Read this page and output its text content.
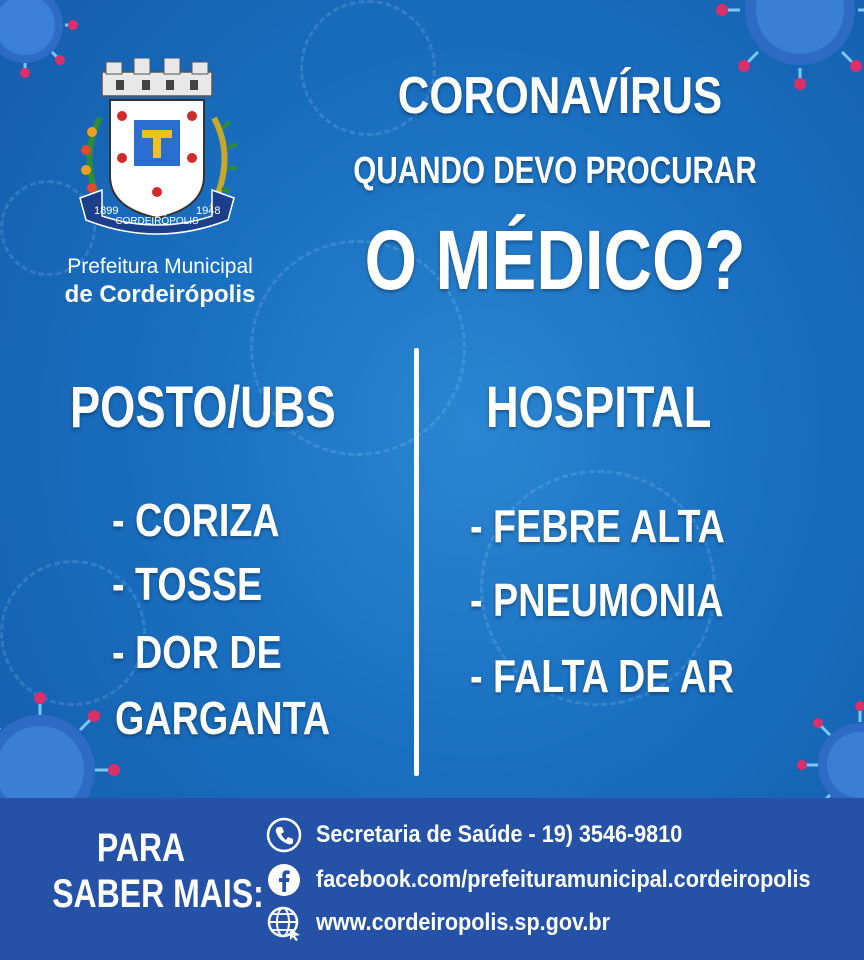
1899	1948
CORDEIRÓPOLIS
Prefeitura Municipal
de Cordeirópolis
CORONAVÍRUS
QUANDO DEVO PROCURAR
O MÉDICO?
POSTO/UBS
- CORIZA
- TOSSE
- DOR DE
GARGANTA
HOSPITAL
- FEBRE ALTA
- PNEUMONIA
- FALTA DE AR
PARA
SABER MAIS:
Secretaria de Saúde - 19) 3546-9810
facebook.com/prefeituramunicipal.cordeiropolis
www.cordeiropolis.sp.gov.br
